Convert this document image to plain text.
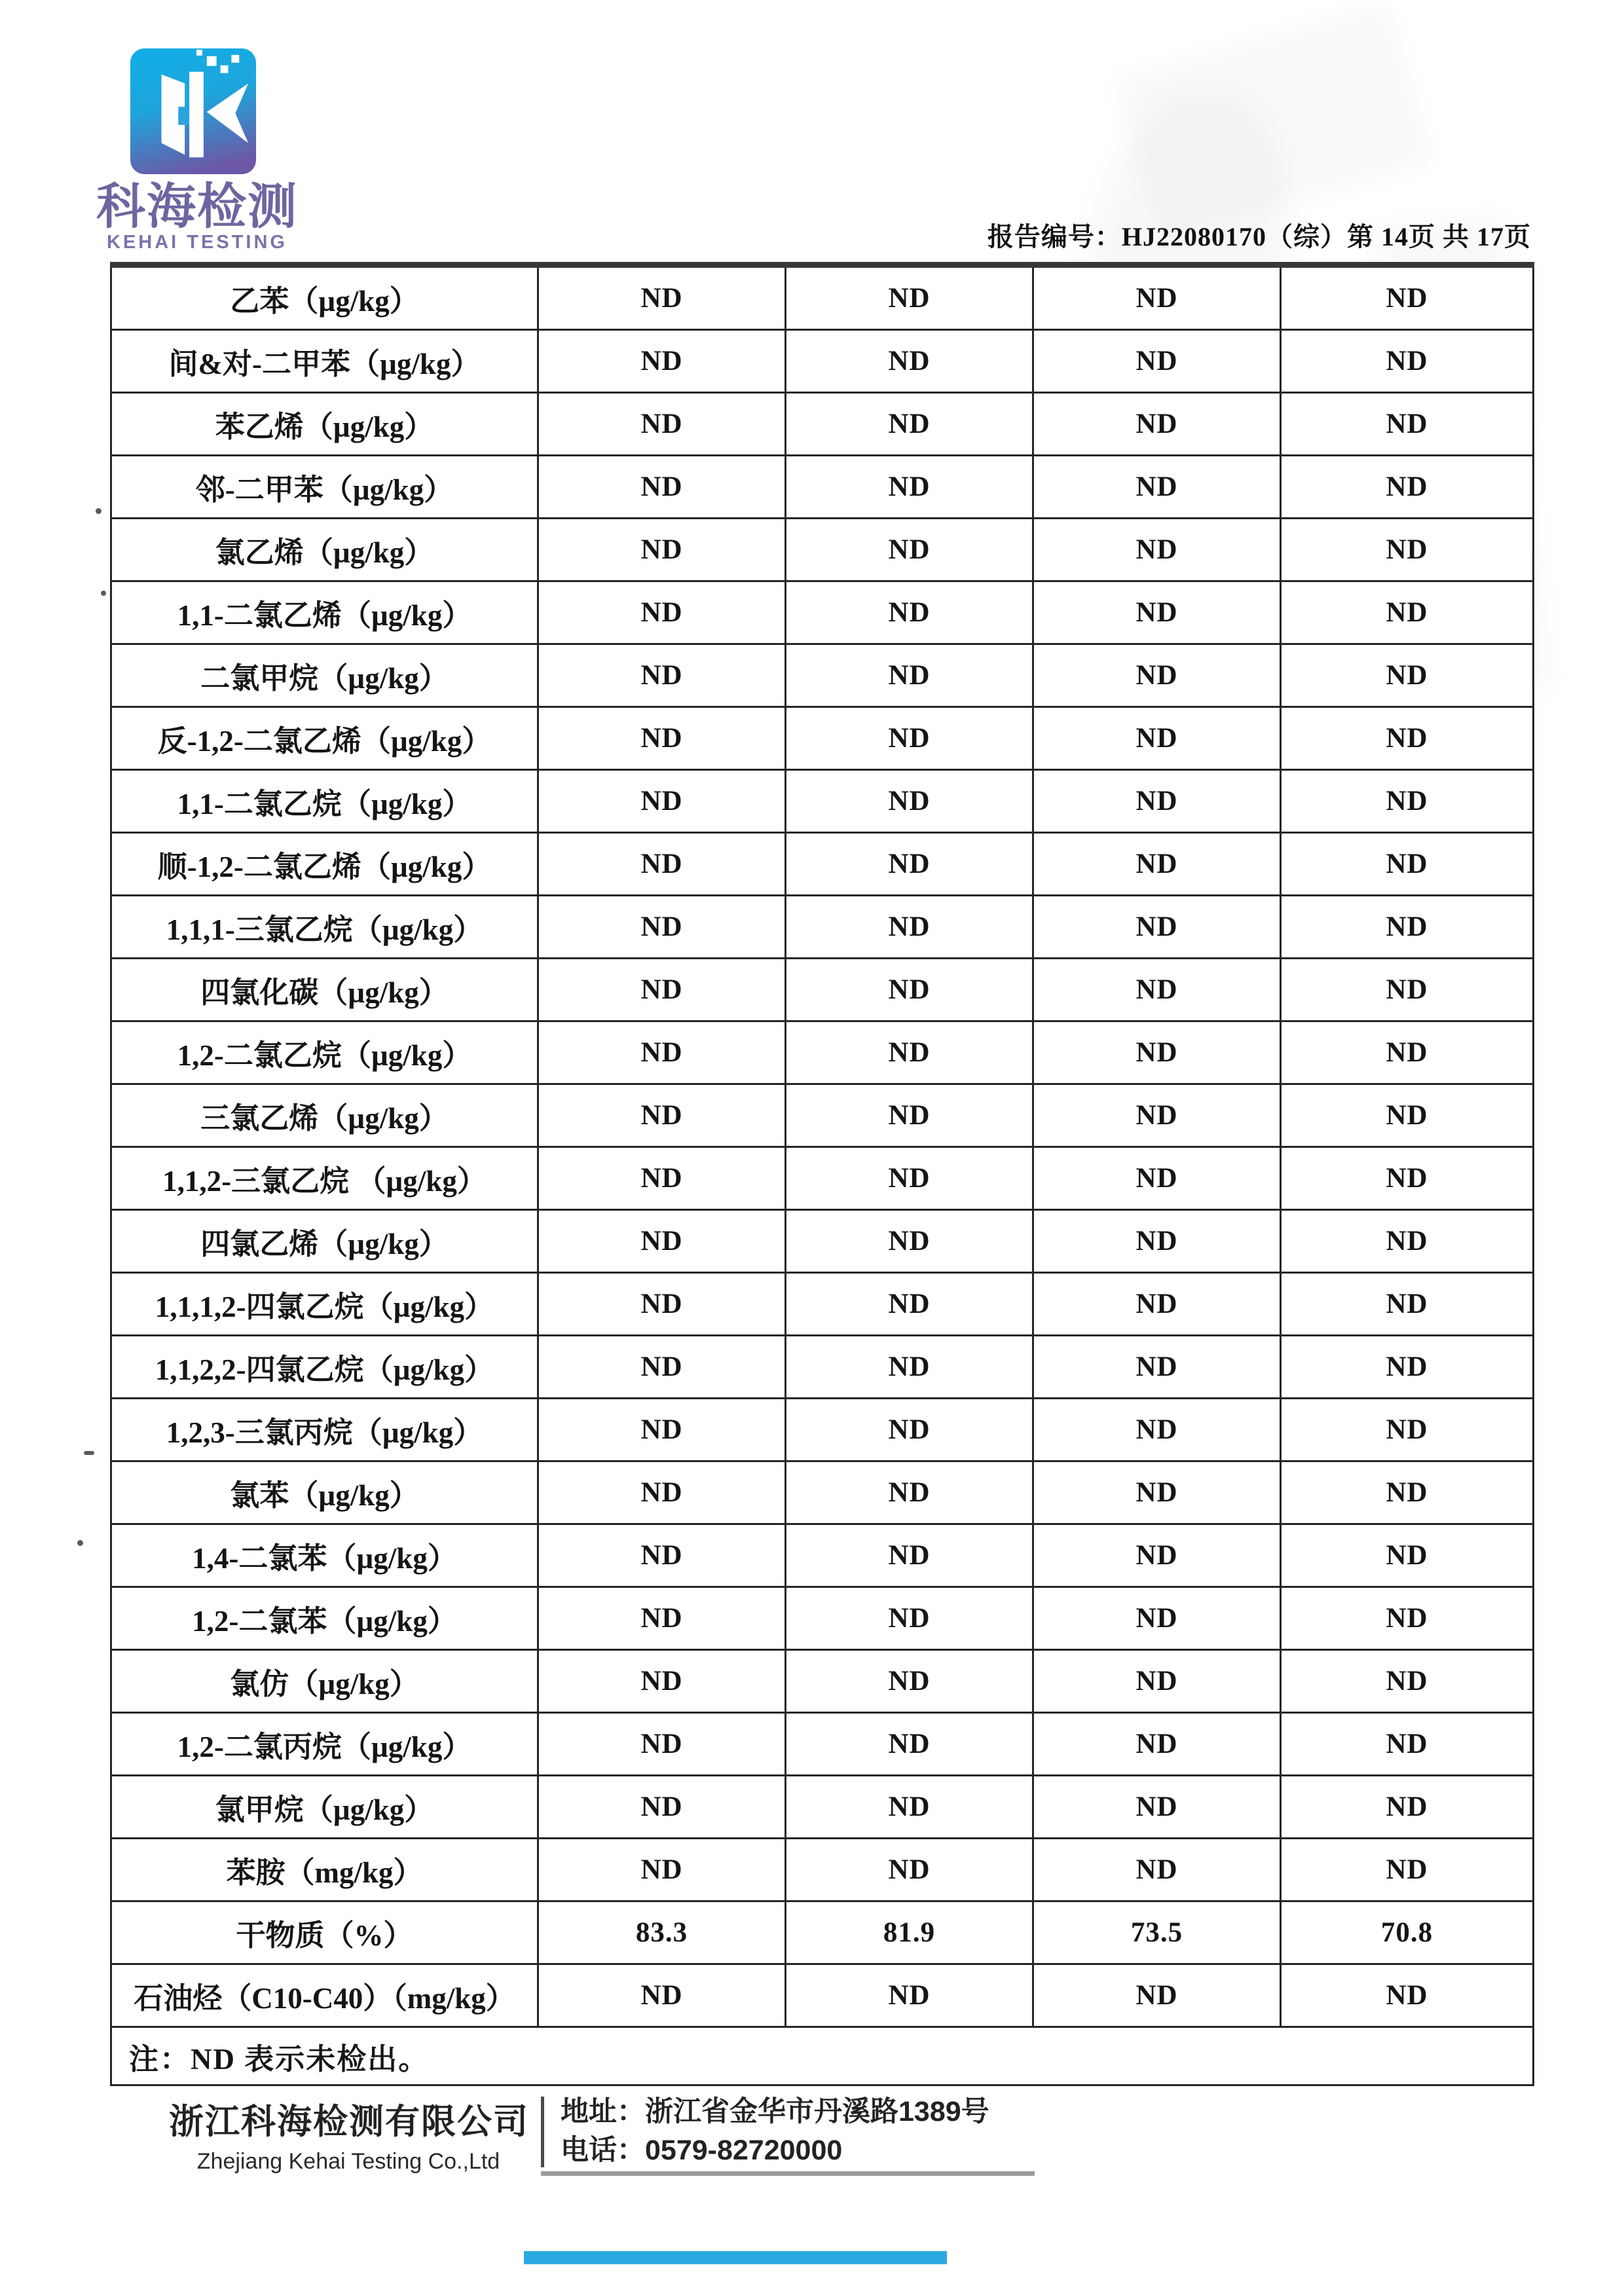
科海检测
KEHAI TESTING	报告编号：HJ22080170（综）第 14页 共 17页
乙苯（µg/kg）	ND	ND	ND	ND
间&对-二甲苯（µg/kg）	ND	ND	ND	ND
苯乙烯（µg/kg）	ND	ND	ND	ND
邻-二甲苯（µg/kg）	ND	ND	ND	ND
氯乙烯（µg/kg）	ND	ND	ND	ND
1,1-二氯乙烯（µg/kg）	ND	ND	ND	ND
二氯甲烷（µg/kg）	ND	ND	ND	ND
反-1,2-二氯乙烯（µg/kg）	ND	ND	ND	ND
1,1-二氯乙烷（µg/kg）	ND	ND	ND	ND
顺-1,2-二氯乙烯（µg/kg）	ND	ND	ND	ND
1,1,1-三氯乙烷（µg/kg）	ND	ND	ND	ND
四氯化碳（µg/kg）	ND	ND	ND	ND
1,2-二氯乙烷（µg/kg）	ND	ND	ND	ND
三氯乙烯（µg/kg）	ND	ND	ND	ND
1,1,2-三氯乙烷 （µg/kg）	ND	ND	ND	ND
四氯乙烯（µg/kg）	ND	ND	ND	ND
1,1,1,2-四氯乙烷（µg/kg）	ND	ND	ND	ND
1,1,2,2-四氯乙烷（µg/kg）	ND	ND	ND	ND
1,2,3-三氯丙烷（µg/kg）	ND	ND	ND	ND
氯苯（µg/kg）	ND	ND	ND	ND
1,4-二氯苯（µg/kg）	ND	ND	ND	ND
1,2-二氯苯（µg/kg）	ND	ND	ND	ND
氯仿（µg/kg）	ND	ND	ND	ND
1,2-二氯丙烷（µg/kg）	ND	ND	ND	ND
氯甲烷（µg/kg）	ND	ND	ND	ND
苯胺（mg/kg）	ND	ND	ND	ND
干物质（%）	83.3	81.9	73.5	70.8
石油烃（C10-C40）（mg/kg）	ND	ND	ND	ND
注：ND 表示未检出。				
浙江科海检测有限公司
Zhejiang Kehai Testing Co.,Ltd
地址：浙江省金华市丹溪路1389号
电话：0579-82720000
